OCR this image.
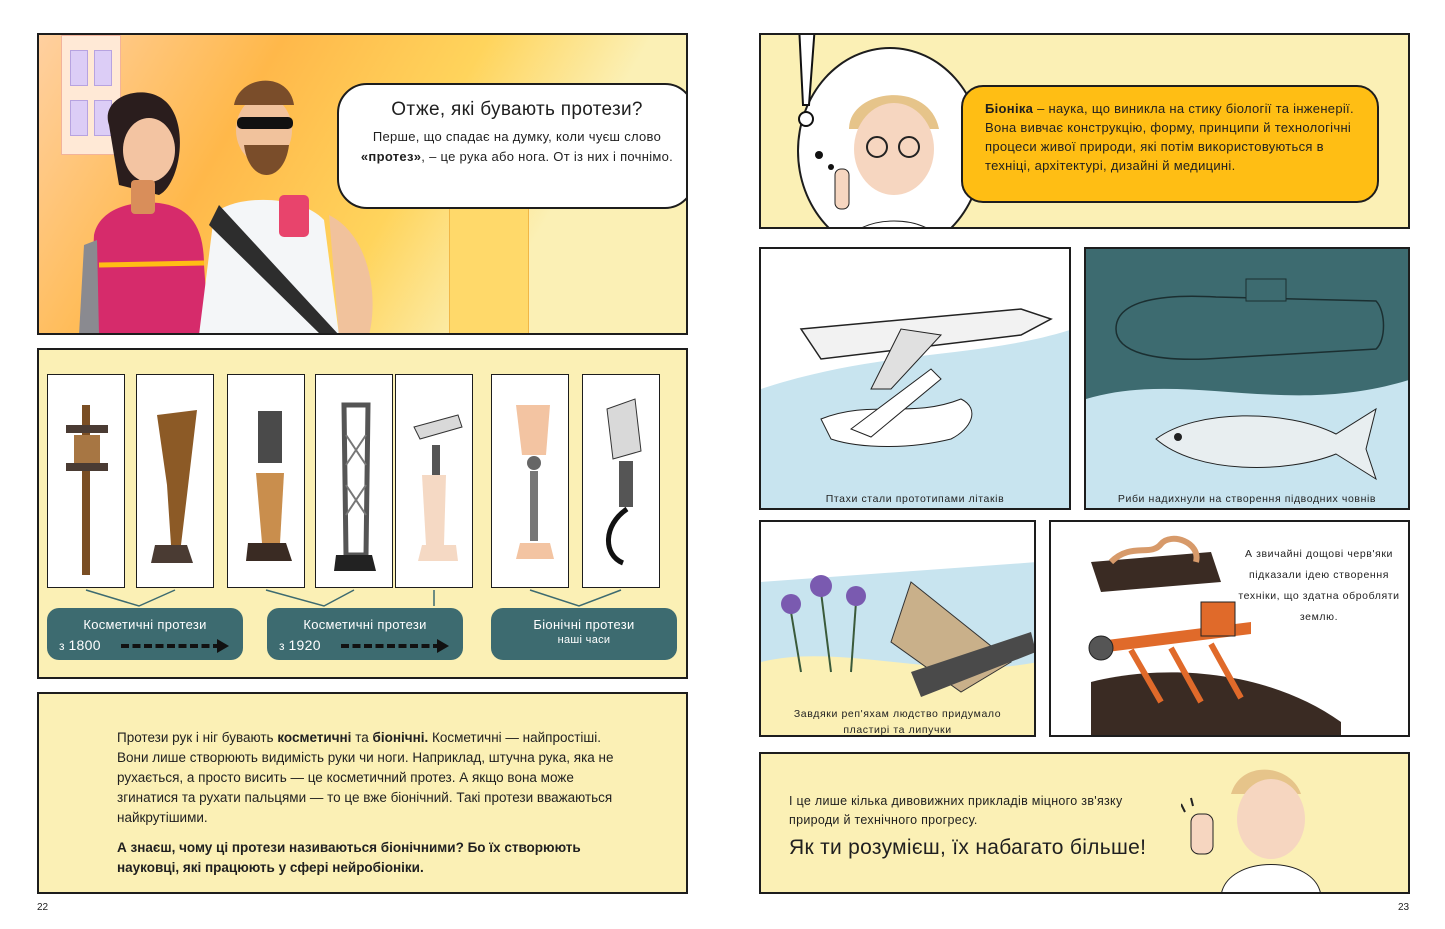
Отже, які бувають протези?
Перше, що спадає на думку, коли чуєш слово
«протез», – це рука або нога. От із них і почнімо.
Косметичні протези
з 1800
Косметичні протези
з 1920
Біонічні протези
наші часи

Протези рук і ніг бувають косметичні та біонічні. Косметичні — найпростіші. Вони лише створюють видимість руки чи ноги. Наприклад, штучна рука, яка не рухається, а просто висить — це косметичний протез. А якщо вона може згинатися та рухати пальцями — то це вже біонічний. Такі протези вважаються найкрутішими.

А знаєш, чому ці протези називаються біонічними? Бо їх створюють науковці, які працюють у сфері нейробіоніки.

22
Біоніка – наука, що виникла на стику біології та інженерії. Вона вивчає конструкцію, форму, принципи й технологічні процеси живої природи, які потім використовуються в техніці, архітектурі, дизайні й медицині.
Птахи стали прототипами літаків	Риби надихнули на створення підводних човнів
Завдяки реп'яхам людство придумало пластирі та липучки
А звичайні дощові черв'яки підказали ідею створення техніки, що здатна обробляти землю.
І це лише кілька дивовижних прикладів міцного зв'язку природи й технічного прогресу.
Як ти розумієш, їх набагато більше!
23
